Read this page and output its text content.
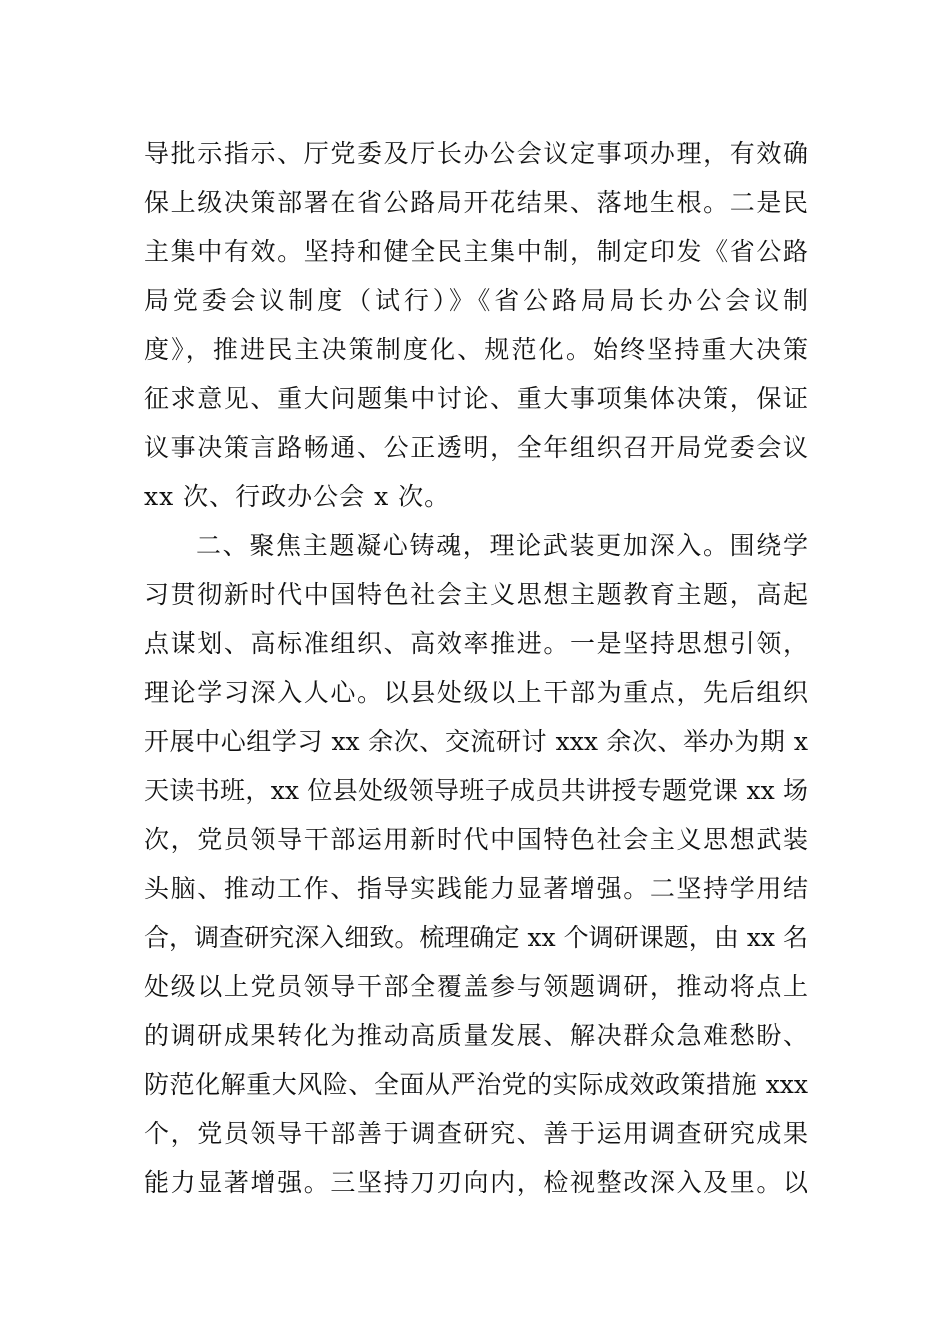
导批示指示、厅党委及厅长办公会议定事项办理，有效确
保上级决策部署在省公路局开花结果、落地生根。二是民
主集中有效。坚持和健全民主集中制，制定印发《省公路
局党委会议制度（试行）》《省公路局局长办公会议制
度》，推进民主决策制度化、规范化。始终坚持重大决策
征求意见、重大问题集中讨论、重大事项集体决策，保证
议事决策言路畅通、公正透明，全年组织召开局党委会议
xx 次、行政办公会 x 次。
二、聚焦主题凝心铸魂，理论武装更加深入。围绕学
习贯彻新时代中国特色社会主义思想主题教育主题，高起
点谋划、高标准组织、高效率推进。一是坚持思想引领，
理论学习深入人心。以县处级以上干部为重点，先后组织
开展中心组学习 xx 余次、交流研讨 xxx 余次、举办为期 x
天读书班，xx 位县处级领导班子成员共讲授专题党课 xx 场
次，党员领导干部运用新时代中国特色社会主义思想武装
头脑、推动工作、指导实践能力显著增强。二坚持学用结
合，调查研究深入细致。梳理确定 xx 个调研课题，由 xx 名
处级以上党员领导干部全覆盖参与领题调研，推动将点上
的调研成果转化为推动高质量发展、解决群众急难愁盼、
防范化解重大风险、全面从严治党的实际成效政策措施 xxx
个，党员领导干部善于调查研究、善于运用调查研究成果
能力显著增强。三坚持刀刃向内，检视整改深入及里。以
